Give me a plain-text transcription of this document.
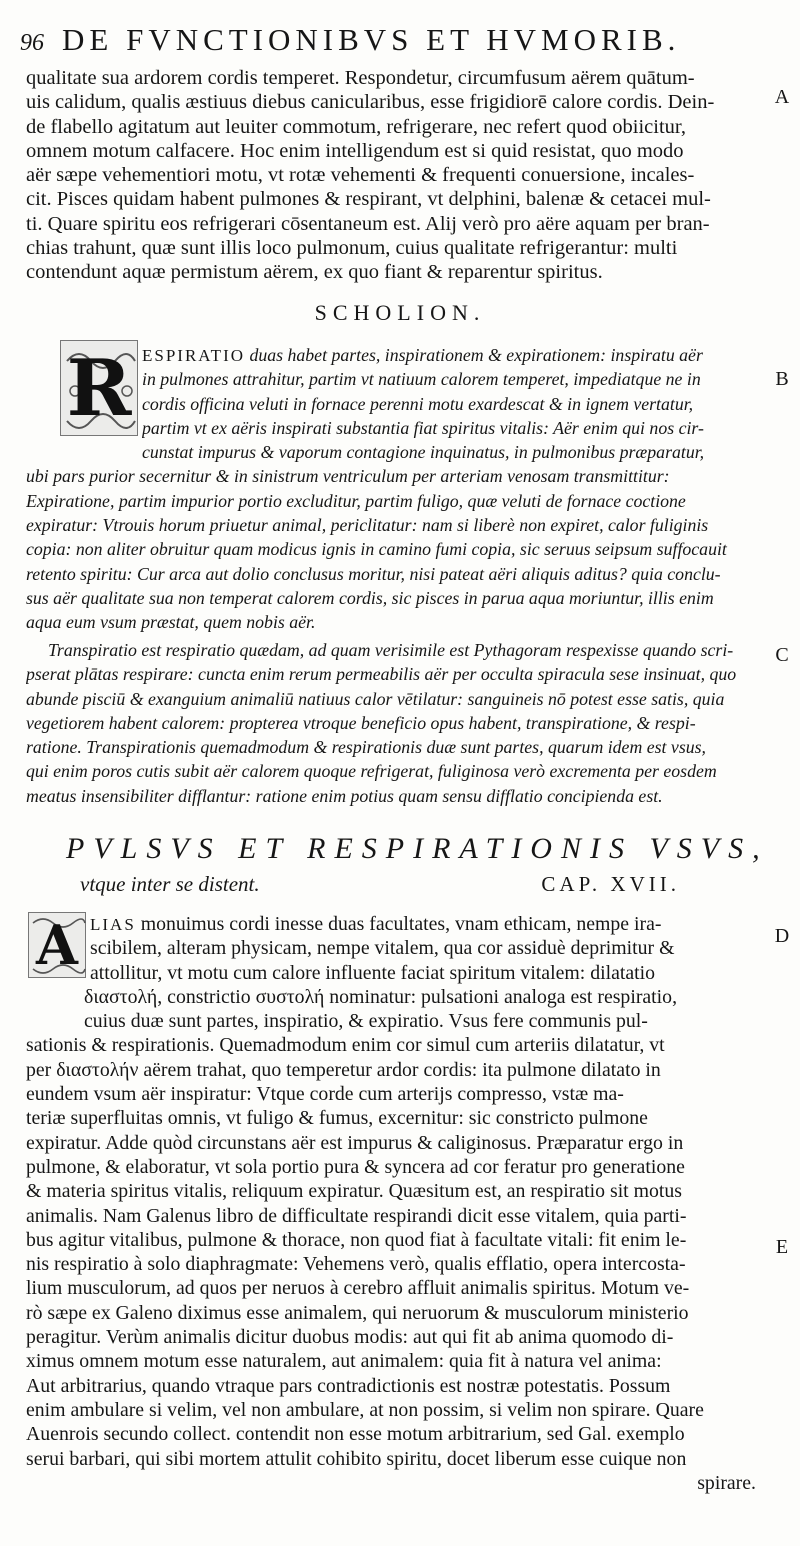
96 DE FVNCTIONIBVS ET HVMORIB.
A
B
C
D
E
qualitate sua ardorem cordis temperet. Respondetur, circumfusum aërem quātum-
uis calidum, qualis æstiuus diebus canicularibus, esse frigidiorē calore cordis. Dein-
de flabello agitatum aut leuiter commotum, refrigerare, nec refert quod obiicitur,
omnem motum calfacere. Hoc enim intelligendum est si quid resistat, quo modo
aër sæpe vehementiori motu, vt rotæ vehementi & frequenti conuersione, incales-
cit. Pisces quidam habent pulmones & respirant, vt delphini, balenæ & cetacei mul-
ti. Quare spiritu eos refrigerari cōsentaneum est. Alij verò pro aëre aquam per bran-
chias trahunt, quæ sunt illis loco pulmonum, cuius qualitate refrigerantur: multi
contendunt aquæ permistum aërem, ex quo fiant & reparentur spiritus.
SCHOLION.
R ESPIRATIO duas habet partes, inspirationem & expirationem: inspiratu aër
in pulmones attrahitur, partim vt natiuum calorem temperet, impediatque ne in
cordis officina veluti in fornace perenni motu exardescat & in ignem vertatur,
partim vt ex aëris inspirati substantia fiat spiritus vitalis: Aër enim qui nos cir-
cunstat impurus & vaporum contagione inquinatus, in pulmonibus præparatur,
ubi pars purior secernitur & in sinistrum ventriculum per arteriam venosam transmittitur:
Expiratione, partim impurior portio excluditur, partim fuligo, quæ veluti de fornace coctione
expiratur: Vtrouis horum priuetur animal, periclitatur: nam si liberè non expiret, calor fuliginis
copia: non aliter obruitur quam modicus ignis in camino fumi copia, sic seruus seipsum suffocauit
retento spiritu: Cur arca aut dolio conclusus moritur, nisi pateat aëri aliquis aditus? quia conclu-
sus aër qualitate sua non temperat calorem cordis, sic pisces in parua aqua moriuntur, illis enim
aqua eum vsum præstat, quem nobis aër.
Transpiratio est respiratio quædam, ad quam verisimile est Pythagoram respexisse quando scri-
pserat plātas respirare: cuncta enim rerum permeabilis aër per occulta spiracula sese insinuat, quo
abunde pisciū & exanguium animaliū natiuus calor vētilatur: sanguineis nō potest esse satis, quia
vegetiorem habent calorem: propterea vtroque beneficio opus habent, transpiratione, & respi-
ratione. Transpirationis quemadmodum & respirationis duæ sunt partes, quarum idem est vsus,
qui enim poros cutis subit aër calorem quoque refrigerat, fuliginosa verò excrementa per eosdem
meatus insensibiliter difflantur: ratione enim potius quam sensu difflatio concipienda est.
PVLSVS ET RESPIRATIONIS VSVS,
vtque inter se distent.	CAP. XVII.
A LIAS monuimus cordi inesse duas facultates, vnam ethicam, nempe ira-
scibilem, alteram physicam, nempe vitalem, qua cor assiduè deprimitur &
attollitur, vt motu cum calore influente faciat spiritum vitalem: dilatatio
διαστολή, constrictio συστολή nominatur: pulsationi analoga est respiratio,
cuius duæ sunt partes, inspiratio, & expiratio. Vsus fere communis pul-
sationis & respirationis. Quemadmodum enim cor simul cum arteriis dilatatur, vt
per διαστολήν aërem trahat, quo temperetur ardor cordis: ita pulmone dilatato in
eundem vsum aër inspiratur: Vtque corde cum arterijs compresso, vstæ ma-
teriæ superfluitas omnis, vt fuligo & fumus, excernitur: sic constricto pulmone
expiratur. Adde quòd circunstans aër est impurus & caliginosus. Præparatur ergo in
pulmone, & elaboratur, vt sola portio pura & syncera ad cor feratur pro generatione
& materia spiritus vitalis, reliquum expiratur. Quæsitum est, an respiratio sit motus
animalis. Nam Galenus libro de difficultate respirandi dicit esse vitalem, quia parti-
bus agitur vitalibus, pulmone & thorace, non quod fiat à facultate vitali: fit enim le-
nis respiratio à solo diaphragmate: Vehemens verò, qualis efflatio, opera intercosta-
lium musculorum, ad quos per neruos à cerebro affluit animalis spiritus. Motum ve-
rò sæpe ex Galeno diximus esse animalem, qui neruorum & musculorum ministerio
peragitur. Verùm animalis dicitur duobus modis: aut qui fit ab anima quomodo di-
ximus omnem motum esse naturalem, aut animalem: quia fit à natura vel anima:
Aut arbitrarius, quando vtraque pars contradictionis est nostræ potestatis. Possum
enim ambulare si velim, vel non ambulare, at non possim, si velim non spirare. Quare
Auenrois secundo collect. contendit non esse motum arbitrarium, sed Gal. exemplo
serui barbari, qui sibi mortem attulit cohibito spiritu, docet liberum esse cuique non
spirare.
